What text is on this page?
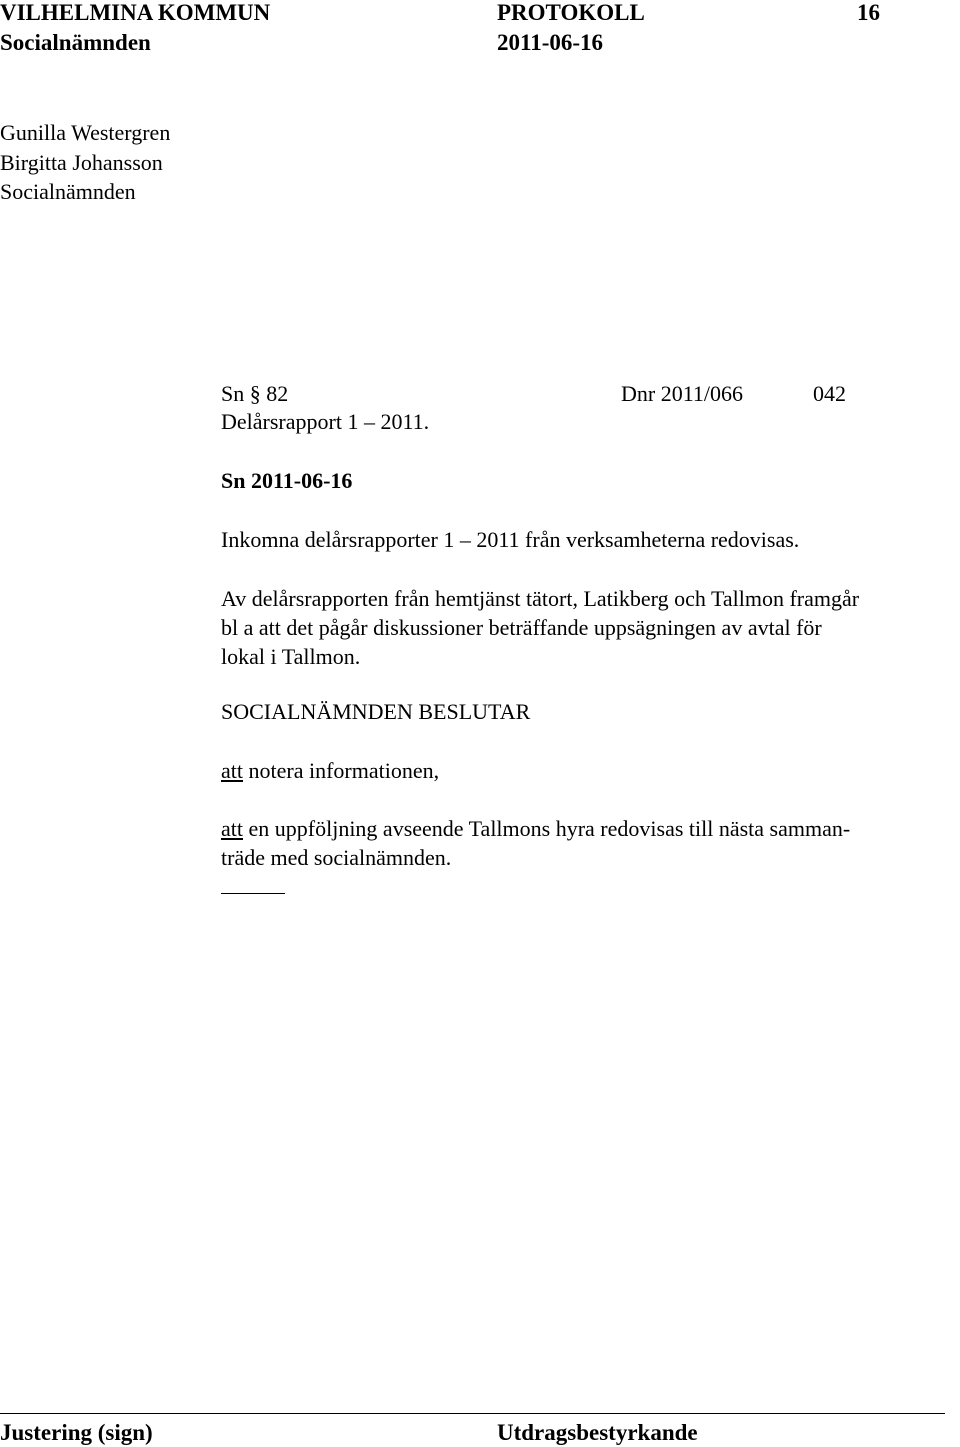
VILHELMINA KOMMUN	PROTOKOLL	16
Socialnämnden	2011-06-16
Gunilla Westergren
Birgitta Johansson
Socialnämnden
Sn § 82	Dnr 2011/066	042
Delårsrapport 1 – 2011.
Sn 2011-06-16
Inkomna delårsrapporter 1 – 2011 från verksamheterna redovisas.
Av delårsrapporten från hemtjänst tätort, Latikberg och Tallmon framgår
bl a att det pågår diskussioner beträffande uppsägningen av avtal för
lokal i Tallmon.
SOCIALNÄMNDEN BESLUTAR
att notera informationen,
att en uppföljning avseende Tallmons hyra redovisas till nästa samman-
träde med socialnämnden.
Justering (sign)	Utdragsbestyrkande
